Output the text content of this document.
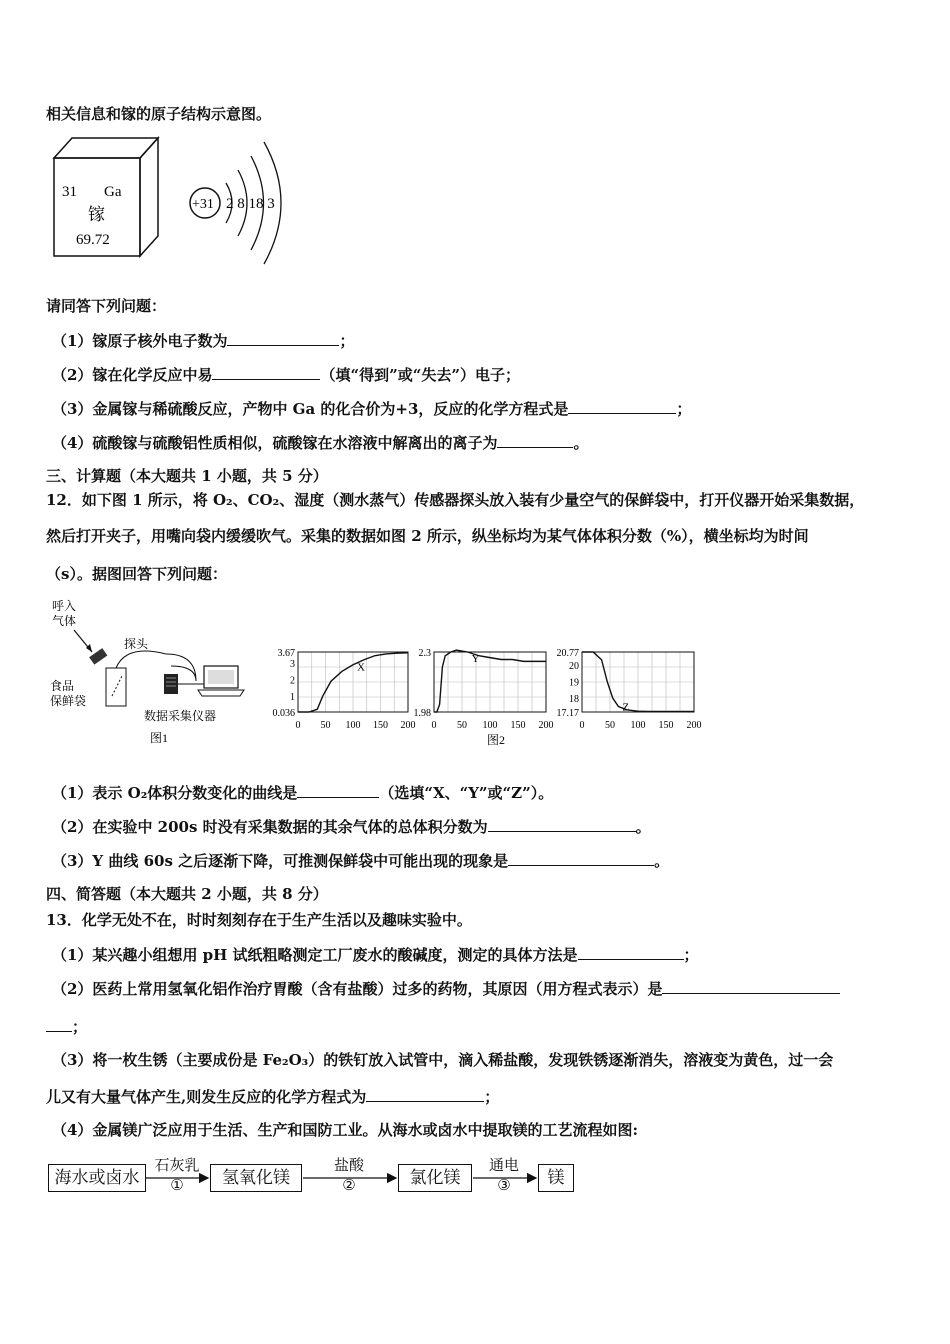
相关信息和镓的原子结构示意图。
31 Ga
镓
69.72
+31 2 8 18 3
请同答下列问题：
（1）镓原子核外电子数为	；
（2）镓在化学反应中易	（填“得到”或“失去”）电子；
（3）金属镓与稀硫酸反应，产物中 Ga 的化合价为+3，反应的化学方程式是	；
（4）硫酸镓与硫酸铝性质相似，硫酸镓在水溶液中解离出的离子为	。
三、计算题（本大题共 1 小题，共 5 分）
12．如下图 1 所示，将 O₂、CO₂、湿度（测水蒸气）传感器探头放入装有少量空气的保鲜袋中，打开仪器开始采集数据，
然后打开夹子，用嘴向袋内缓缓吹气。采集的数据如图 2 所示，纵坐标均为某气体体积分数（%），横坐标均为时间
（s）。据图回答下列问题：
呼入
气体
食品
保鲜袋
探头
数据采集仪器
图1
3.67
3
2
1
0.036
0 50 100 150 200
X
2.3
1.98
0 50 100 150 200
Y	20.77
20
19
18
17.17
0 50 100 150 200
Z
图2
（1）表示 O₂体积分数变化的曲线是	（选填“X、“Y”或“Z”）。
（2）在实验中 200s 时没有采集数据的其余气体的总体积分数为	。
（3）Y 曲线 60s 之后逐渐下降，可推测保鲜袋中可能出现的现象是	。
四、简答题（本大题共 2 小题，共 8 分）
13．化学无处不在，时时刻刻存在于生产生活以及趣味实验中。
（1）某兴趣小组想用 pH 试纸粗略测定工厂废水的酸碱度，测定的具体方法是	；
（2）医药上常用氢氧化铝作治疗胃酸（含有盐酸）过多的药物，其原因（用方程式表示）是
；
（3）将一枚生锈（主要成份是 Fe₂O₃）的铁钉放入试管中，滴入稀盐酸，发现铁锈逐渐消失，溶液变为黄色，过一会
儿又有大量气体产生,则发生反应的化学方程式为	；
（4）金属镁广泛应用于生活、生产和国防工业。从海水或卤水中提取镁的工艺流程如图:
海水或卤水
石灰乳
①	氢氧化镁
盐酸
②	氯化镁
通电
③	镁
